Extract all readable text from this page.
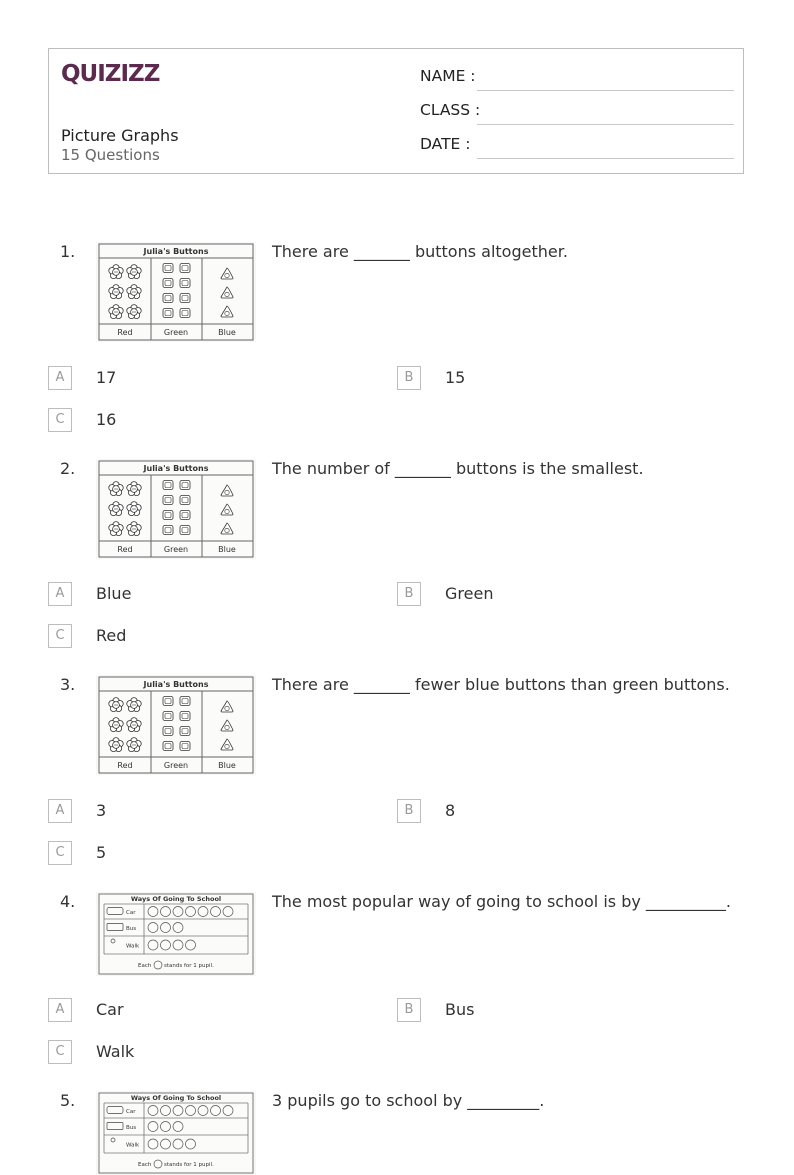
QUIZIZZ
Picture Graphs
15 Questions
NAME :
CLASS :
DATE :
1.	Julia's Buttons
Red	Green	Blue
There are _______ buttons altogether.
A	17	B	15
C	16
2.	Julia's Buttons
Red	Green	Blue
The number of _______ buttons is the smallest.
A	Blue	B	Green
C	Red
3.	Julia's Buttons
Red	Green	Blue
There are _______ fewer blue buttons than green buttons.
A	3	B	8
C	5
4.	Ways Of Going To School
Car
Bus
Walk
Each stands for 1 pupil.
The most popular way of going to school is by __________.
A	Car	B	Bus
C	Walk
5.	Ways Of Going To School
Car
Bus
Walk
Each stands for 1 pupil.
3 pupils go to school by _________.
